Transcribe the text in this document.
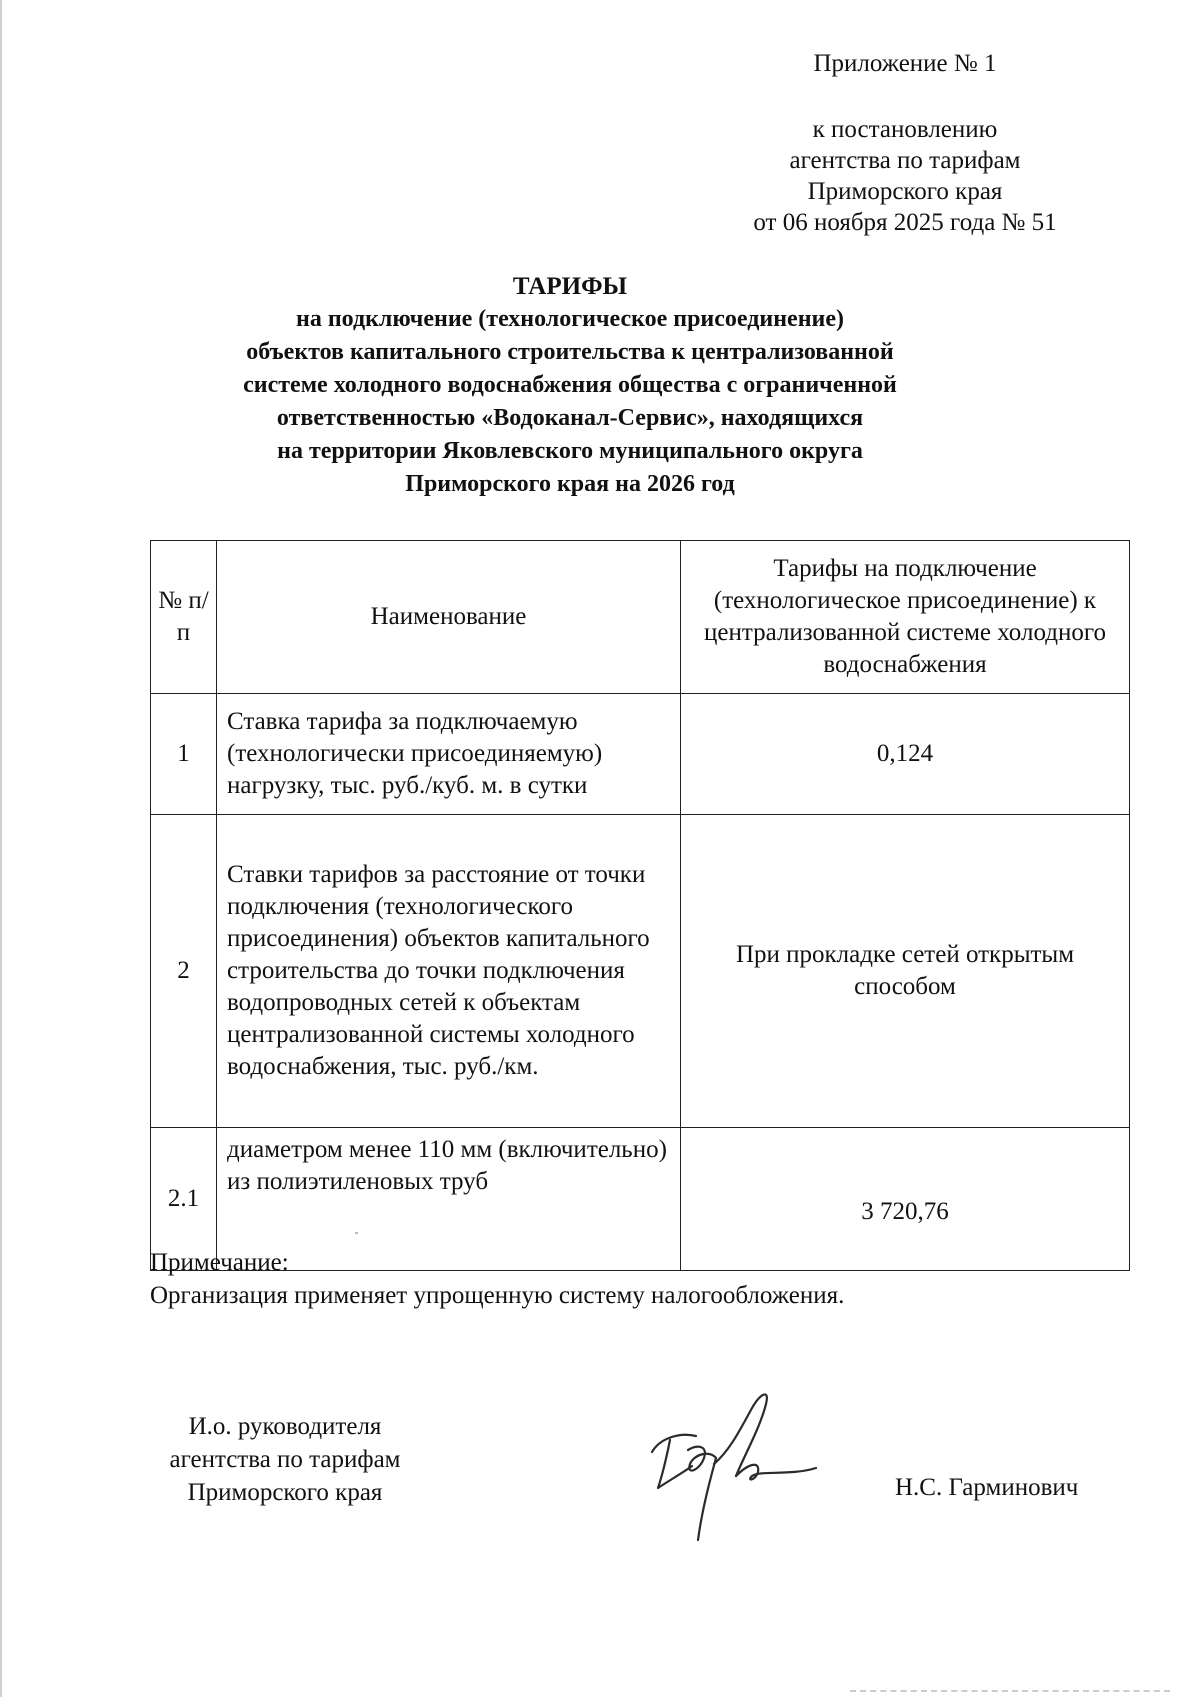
Приложение № 1
к постановлению
агентства по тарифам
Приморского края
от 06 ноября 2025 года № 51
ТАРИФЫ
на подключение (технологическое присоединение)
объектов капитального строительства к централизованной
системе холодного водоснабжения общества с ограниченной
ответственностью «Водоканал-Сервис», находящихся
на территории Яковлевского муниципального округа
Приморского края на 2026 год
№ п/п	Наименование	Тарифы на подключение (технологическое присоединение) к централизованной системе холодного водоснабжения
1	Ставка тарифа за подключаемую (технологически присоединяемую) нагрузку, тыс. руб./куб. м. в сутки	0,124
2	Ставки тарифов за расстояние от точки подключения (технологического присоединения) объектов капитального строительства до точки подключения водопроводных сетей к объектам централизованной системы холодного водоснабжения, тыс. руб./км.	При прокладке сетей открытым способом
2.1	диаметром менее 110 мм (включительно) из полиэтиленовых труб	3 720,76
Примечание:
Организация применяет упрощенную систему налогообложения.
И.о. руководителя
агентства по тарифам
Приморского края	Н.С. Гарминович
